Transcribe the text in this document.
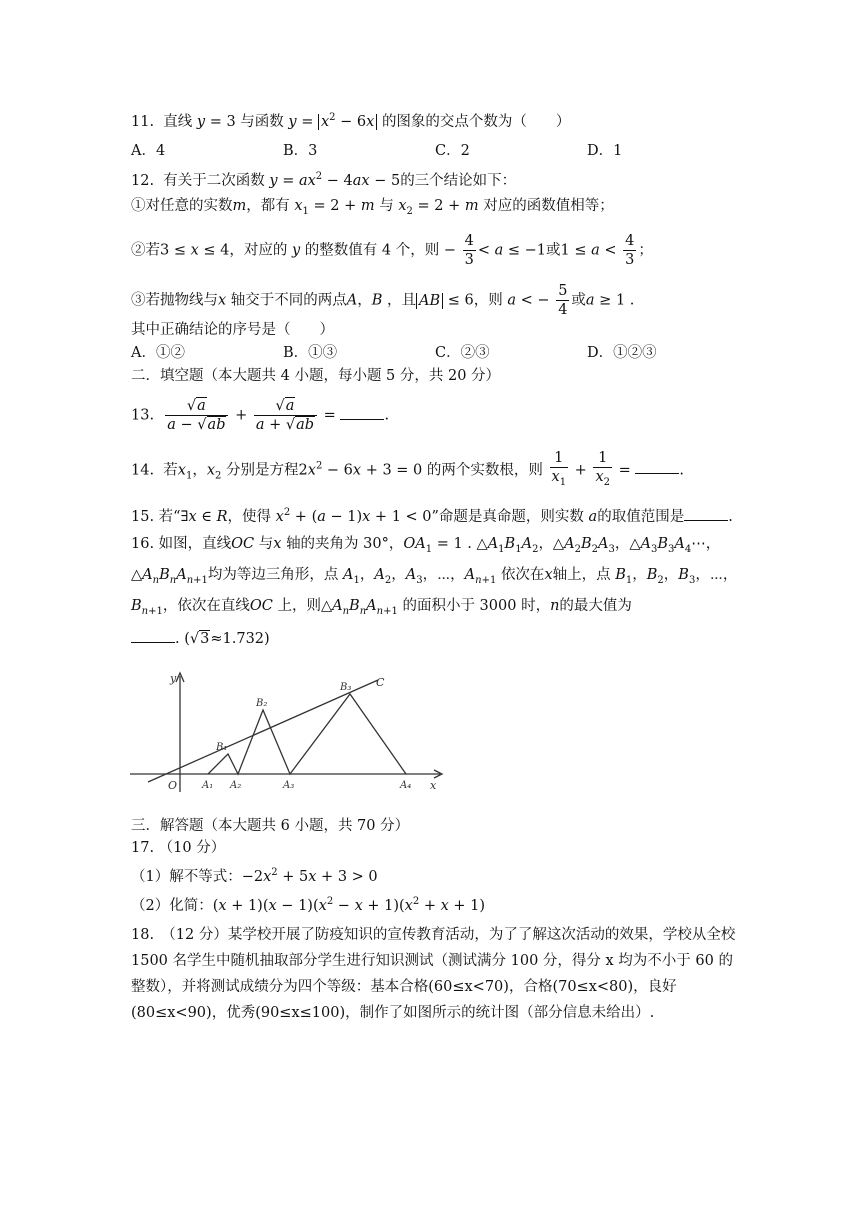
11. 直线 y = 3 与函数 $y = x^2 - 6x$ 的图象的交点个数为（　　）
A．4	B．3	C．2	D．1
12. 有关于二次函数 $y = ax^2 - 4ax - 5$的三个结论如下：
①对任意的实数m，都有 $x_1 = 2 + m$ 与 $x_2 = 2 + m$ 对应的函数值相等；
②若3 ≤ x ≤ 4，对应的 y 的整数值有 4 个，则 − $\frac{4}{3} < a \le -1$或$1 \le a < \frac{4}{3}$ ；
③若抛物线与x 轴交于不同的两点A，B ，且 AB ≤ 6，则 a < − $\frac{5}{4}$ 或a ≥ 1 .
其中正确结论的序号是（　　）
A．①②	B．①③	C．②③	D．①②③
二．填空题（本大题共 4 小题，每小题 5 分，共 20 分）
13. $\frac{√a}{a - √ab} + \frac{√a}{a + √ab}$ =	.
14. 若$x_1$，$x_2$ 分别是方程$2x^2 - 6x + 3 = 0$ 的两个实数根，则 $\frac{1}{x_1} + \frac{1}{x_2}$ =	.
15. 若“∃x ∈ R，使得 $x^2 + (a - 1)x + 1 < 0$”命题是真命题，则实数 a的取值范围是	.
16. 如图，直线OC 与x 轴的夹角为 30°，$OA_1 = 1$ . $\triangle A_1B_1A_2$，$\triangle A_2B_2A_3$，$\triangle A_3B_3A_4\cdots$，
$\triangle A_nB_nA_{n+1}$均为等边三角形，点 $A_1$，$A_2$，$A_3$，⋯，$A_{n+1}$ 依次在x轴上，点 $B_1$，$B_2$，$B_3$，⋯，
$B_{n+1}$，依次在直线OC 上，则$\triangle A_nB_nA_{n+1}$ 的面积小于 3000 时，n的最大值为
. (√3≈1.732)
y
x
O
C
A₁ A₂	A₃	A₄
B₁
B₂
B₃
三．解答题（本大题共 6 小题，共 70 分）
17. （10 分）
（1）解不等式：$-2x^2 + 5x + 3 > 0$
（2）化简：$(x + 1)(x - 1)(x^2 - x + 1)(x^2 + x + 1)$
18.　（12 分）某学校开展了防疫知识的宣传教育活动，为了了解这次活动的效果，学校从全校 1500 名学生中随机抽取部分学生进行知识测试（测试满分 100 分，得分 x 均为不小于 60 的整数），并将测试成绩分为四个等级：基本合格(60≤x<70)，合格(70≤x<80)，良好(80≤x<90)，优秀(90≤x≤100)，制作了如图所示的统计图（部分信息未给出）.
